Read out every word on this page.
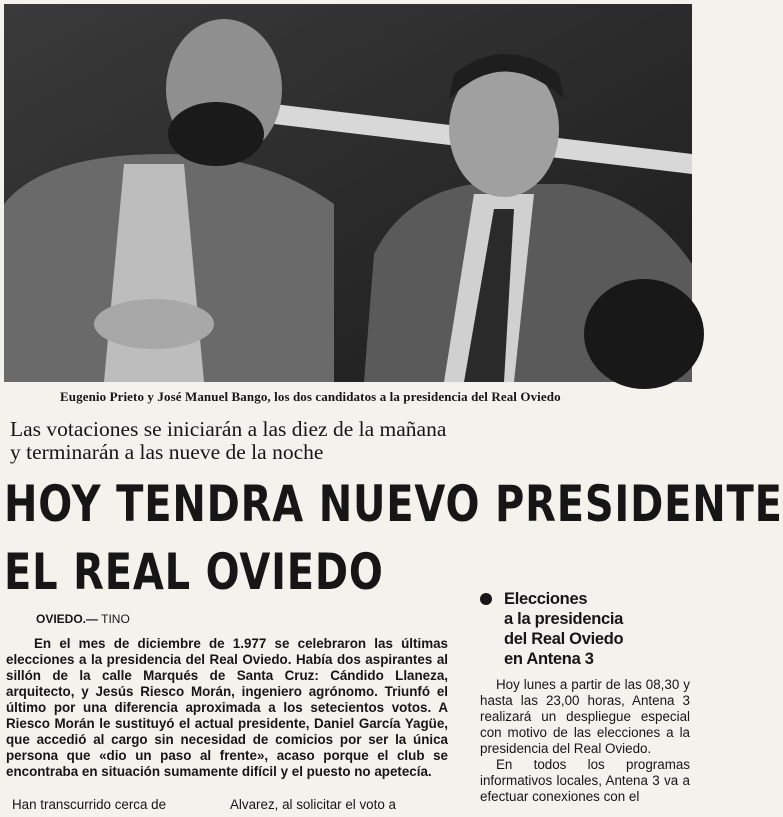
Eugenio Prieto y José Manuel Bango, los dos candidatos a la presidencia del Real Oviedo
Las votaciones se iniciarán a las diez de la mañana
y terminarán a las nueve de la noche
HOY TENDRA NUEVO PRESIDENTE
EL REAL OVIEDO
OVIEDO.— TINO

En el mes de diciembre de 1.977 se celebraron las últimas elecciones a la presidencia del Real Oviedo. Había dos aspirantes al sillón de la calle Marqués de Santa Cruz: Cándido Llaneza, arquitecto, y Jesús Riesco Morán, ingeniero agrónomo. Triunfó el último por una diferencia aproximada a los setecientos votos. A Riesco Morán le sustituyó el actual presidente, Daniel García Yagüe, que accedió al cargo sin necesidad de comicios por ser la única persona que «dio un paso al frente», acaso porque el club se encontraba en situación sumamente difícil y el puesto no apetecía.

Han transcurrido cerca de	Alvarez, al solicitar el voto a
Elecciones
a la presidencia
del Real Oviedo
en Antena 3

Hoy lunes a partir de las 08,30 y hasta las 23,00 horas, Antena 3 realizará un despliegue especial con motivo de las elecciones a la presidencia del Real Oviedo.

En todos los programas informativos locales, Antena 3 va a efectuar conexiones con el
